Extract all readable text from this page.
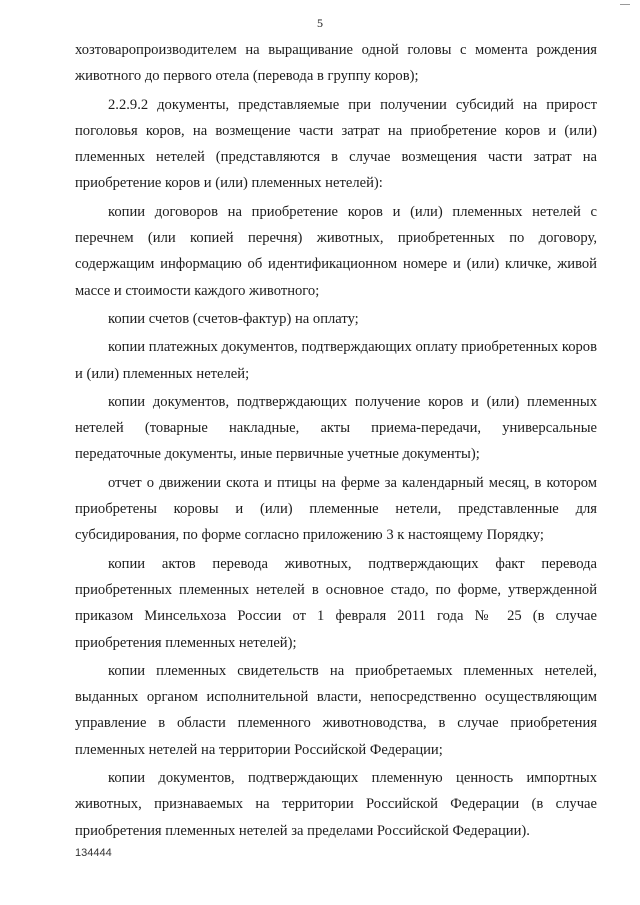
5

хозтоваропроизводителем на выращивание одной головы с момента рождения животного до первого отела (перевода в группу коров);

2.2.9.2 документы, представляемые при получении субсидий на прирост поголовья коров, на возмещение части затрат на приобретение коров и (или) племенных нетелей (представляются в случае возмещения части затрат на приобретение коров и (или) племенных нетелей):

копии договоров на приобретение коров и (или) племенных нетелей с перечнем (или копией перечня) животных, приобретенных по договору, содержащим информацию об идентификационном номере и (или) кличке, живой массе и стоимости каждого животного;

копии счетов (счетов-фактур) на оплату;

копии платежных документов, подтверждающих оплату приобретенных коров и (или) племенных нетелей;

копии документов, подтверждающих получение коров и (или) племенных нетелей (товарные накладные, акты приема-передачи, универсальные передаточные документы, иные первичные учетные документы);

отчет о движении скота и птицы на ферме за календарный месяц, в котором приобретены коровы и (или) племенные нетели, представленные для субсидирования, по форме согласно приложению 3 к настоящему Порядку;

копии актов перевода животных, подтверждающих факт перевода приобретенных племенных нетелей в основное стадо, по форме, утвержденной приказом Минсельхоза России от 1 февраля 2011 года № 25 (в случае приобретения племенных нетелей);

копии племенных свидетельств на приобретаемых племенных нетелей, выданных органом исполнительной власти, непосредственно осуществляющим управление в области племенного животноводства, в случае приобретения племенных нетелей на территории Российской Федерации;

копии документов, подтверждающих племенную ценность импортных животных, признаваемых на территории Российской Федерации (в случае приобретения племенных нетелей за пределами Российской Федерации).

134444
